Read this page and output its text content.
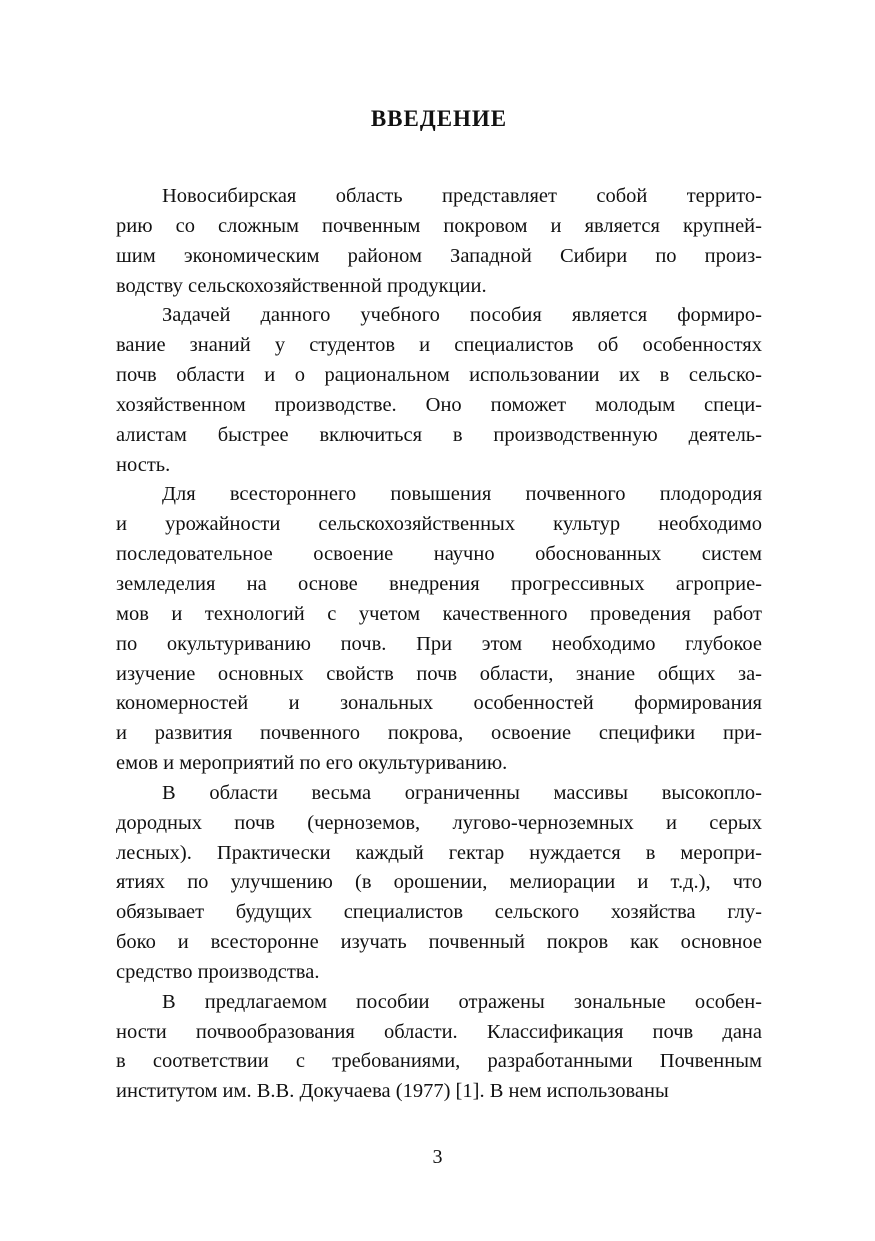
ВВЕДЕНИЕ

Новосибирская область представляет собой террито-
рию со сложным почвенным покровом и является крупней-
шим экономическим районом Западной Сибири по произ-
водству сельскохозяйственной продукции.

Задачей данного учебного пособия является формиро-
вание знаний у студентов и специалистов об особенностях
почв области и о рациональном использовании их в сельско-
хозяйственном производстве. Оно поможет молодым специ-
алистам быстрее включиться в производственную деятель-
ность.

Для всестороннего повышения почвенного плодородия
и урожайности сельскохозяйственных культур необходимо
последовательное освоение научно обоснованных систем
земледелия на основе внедрения прогрессивных агроприе-
мов и технологий с учетом качественного проведения работ
по окультуриванию почв. При этом необходимо глубокое
изучение основных свойств почв области, знание общих за-
кономерностей и зональных особенностей формирования
и развития почвенного покрова, освоение специфики при-
емов и мероприятий по его окультуриванию.

В области весьма ограниченны массивы высокопло-
дородных почв (черноземов, лугово-черноземных и серых
лесных). Практически каждый гектар нуждается в меропри-
ятиях по улучшению (в орошении, мелиорации и т.д.), что
обязывает будущих специалистов сельского хозяйства глу-
боко и всесторонне изучать почвенный покров как основное
средство производства.

В предлагаемом пособии отражены зональные особен-
ности почвообразования области. Классификация почв дана
в соответствии с требованиями, разработанными Почвенным
институтом им. В.В. Докучаева (1977) [1]. В нем использованы

3
